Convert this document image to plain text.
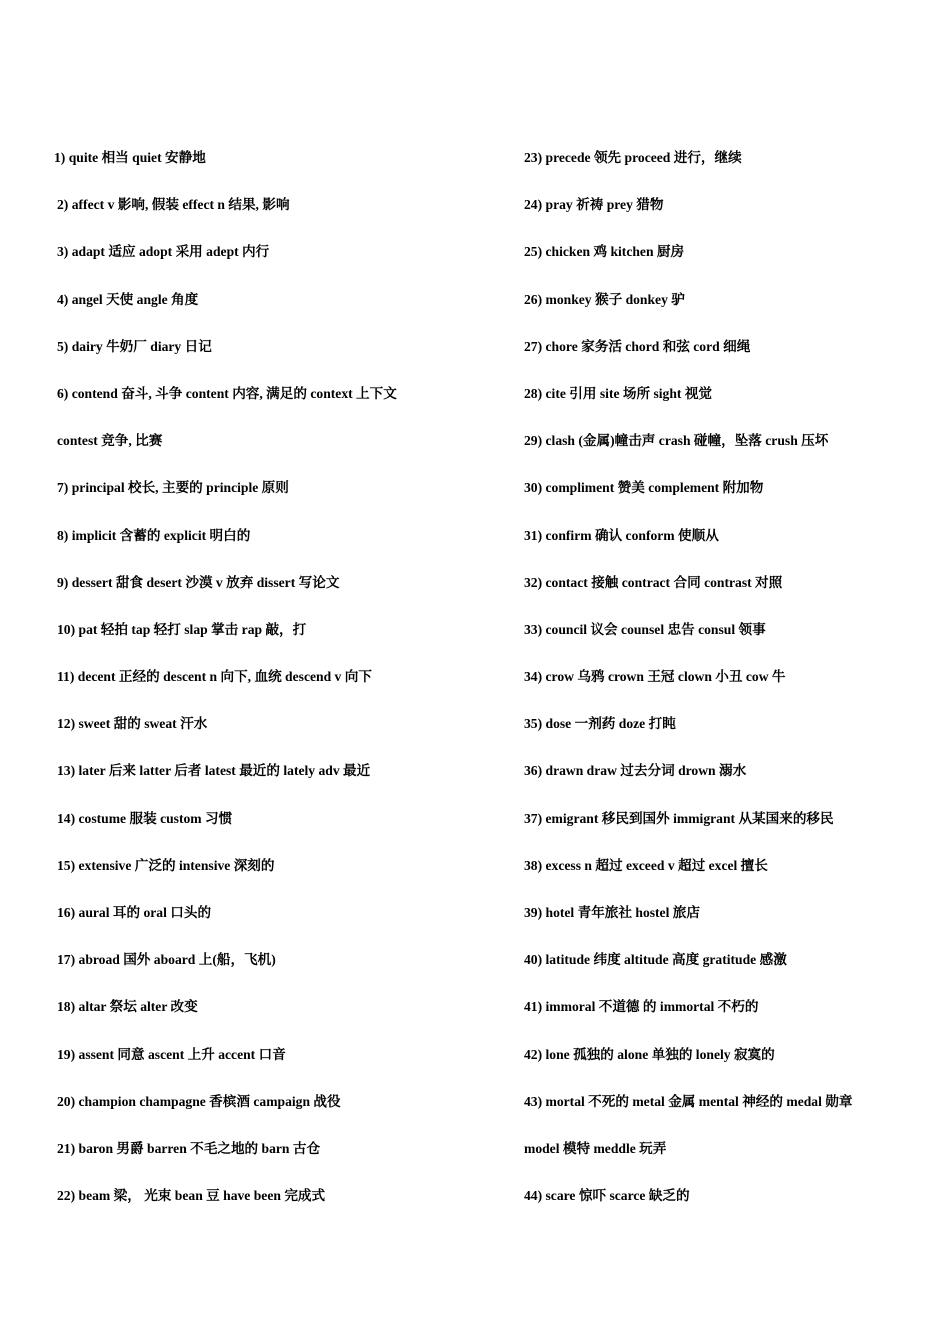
1) quite 相当 quiet 安静地
2) affect v 影响, 假装 effect n 结果, 影响
3) adapt 适应 adopt 采用 adept 内行
4) angel 天使 angle 角度
5) dairy 牛奶厂 diary 日记
6) contend 奋斗, 斗争 content 内容, 满足的 context 上下文
contest 竞争, 比赛
7) principal 校长, 主要的 principle 原则
8) implicit 含蓄的 explicit 明白的
9) dessert 甜食 desert 沙漠 v 放弃 dissert 写论文
10) pat 轻拍 tap 轻打 slap 掌击 rap 敲，打
11) decent 正经的 descent n 向下, 血统 descend v 向下
12) sweet 甜的 sweat 汗水
13) later 后来 latter 后者 latest 最近的 lately adv 最近
14) costume 服装 custom 习惯
15) extensive 广泛的 intensive 深刻的
16) aural 耳的 oral 口头的
17) abroad 国外 aboard 上(船，飞机)
18) altar 祭坛 alter 改变
19) assent 同意 ascent 上升 accent 口音
20) champion champagne 香槟酒 campaign 战役
21) baron 男爵 barren 不毛之地的 barn 古仓
22) beam 梁， 光束 bean 豆 have been 完成式
23) precede 领先 proceed 进行，继续
24) pray 祈祷 prey 猎物
25) chicken 鸡 kitchen 厨房
26) monkey 猴子 donkey 驴
27) chore 家务活 chord 和弦 cord 细绳
28) cite 引用 site 场所 sight 视觉
29) clash (金属)幢击声 crash 碰幢，坠落 crush 压坏
30) compliment 赞美 complement 附加物
31) confirm 确认 conform 使顺从
32) contact 接触 contract 合同 contrast 对照
33) council 议会 counsel 忠告 consul 领事
34) crow 乌鸦 crown 王冠 clown 小丑 cow 牛
35) dose 一剂药 doze 打盹
36) drawn draw 过去分词 drown 溺水
37) emigrant 移民到国外 immigrant 从某国来的移民
38) excess n 超过 exceed v 超过 excel 擅长
39) hotel 青年旅社 hostel 旅店
40) latitude 纬度 altitude 高度 gratitude 感激
41) immoral 不道德 的 immortal 不朽的
42) lone 孤独的 alone 单独的 lonely 寂寞的
43) mortal 不死的 metal 金属 mental 神经的 medal 勋章
model 模特 meddle 玩弄
44) scare 惊吓 scarce 缺乏的
